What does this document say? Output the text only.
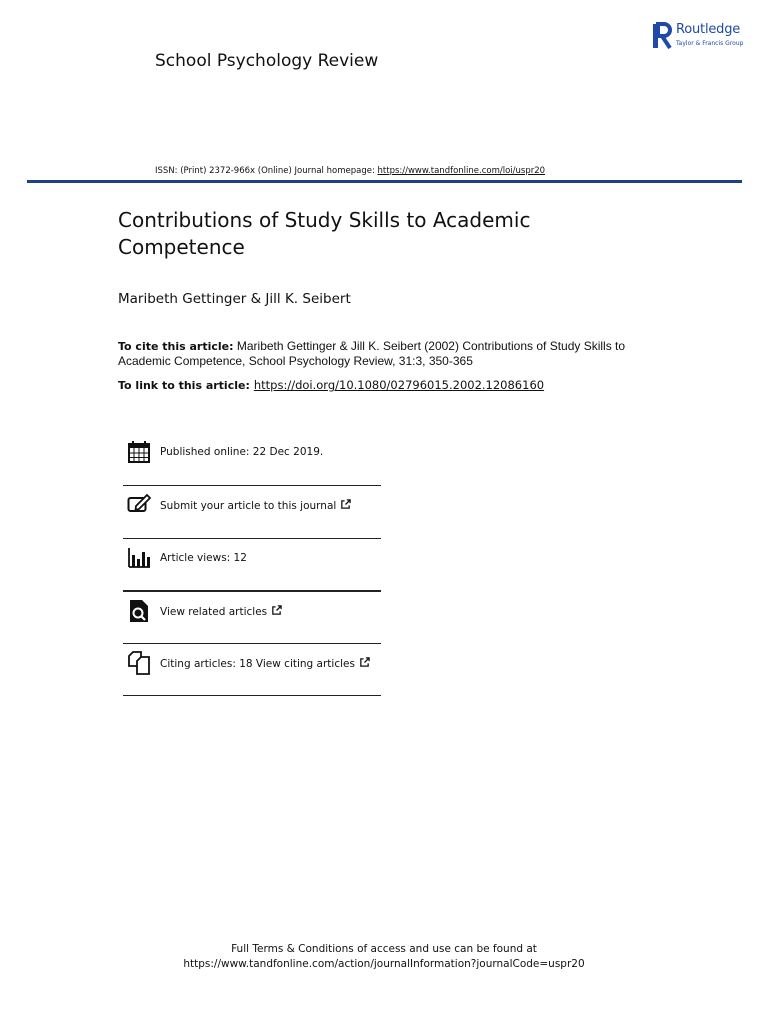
School Psychology Review
Routledge
Taylor & Francis Group
ISSN: (Print) 2372-966x (Online) Journal homepage: https://www.tandfonline.com/loi/uspr20
Contributions of Study Skills to Academic Competence
Maribeth Gettinger & Jill K. Seibert
To cite this article: Maribeth Gettinger & Jill K. Seibert (2002) Contributions of Study Skills to Academic Competence, School Psychology Review, 31:3, 350-365
To link to this article: https://doi.org/10.1080/02796015.2002.12086160
Published online: 22 Dec 2019.
Submit your article to this journal
Article views: 12
View related articles
Citing articles: 18 View citing articles
Full Terms & Conditions of access and use can be found at
https://www.tandfonline.com/action/journalInformation?journalCode=uspr20
